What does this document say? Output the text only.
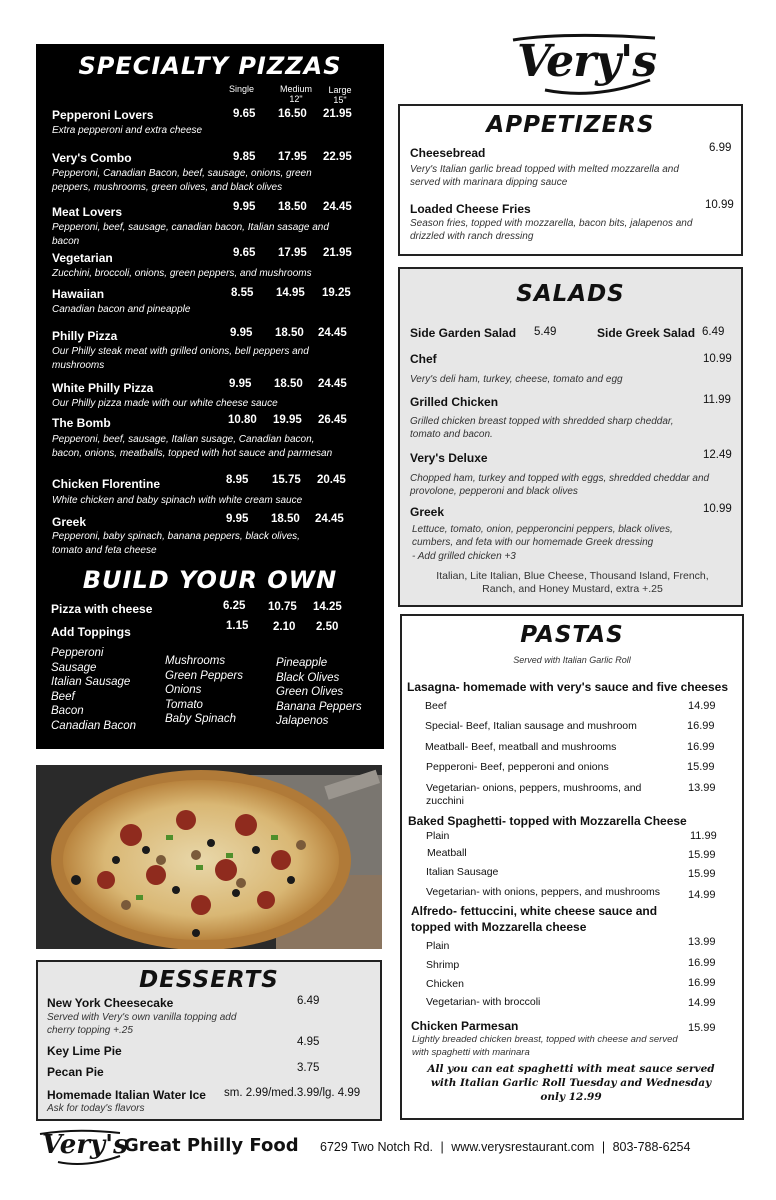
SPECIALTY PIZZAS
Single	Medium
12"
Large
15"
Pepperoni Lovers	9.65 16.50 21.95
Extra pepperoni and extra cheese
Very's Combo	9.85 17.95 22.95
Pepperoni, Canadian Bacon, beef, sausage, onions, green peppers, mushrooms, green olives, and black olives
Meat Lovers	9.95 18.50 24.45
Pepperoni, beef, sausage, canadian bacon, Italian sasage and bacon
Vegetarian	9.65 17.95 21.95
Zucchini, broccoli, onions, green peppers, and mushrooms
Hawaiian	8.55 14.95 19.25
Canadian bacon and pineapple
Philly Pizza	9.95 18.50 24.45
Our Philly steak meat with grilled onions, bell peppers and mushrooms
White Philly Pizza	9.95 18.50 24.45
Our Philly pizza made with our white cheese sauce
The Bomb	10.80 19.95 26.45
Pepperoni, beef, sausage, Italian susage, Canadian bacon, bacon, onions, meatballs, topped with hot sauce and parmesan
Chicken Florentine	8.95 15.75 20.45
White chicken and baby spinach with white cream sauce
Greek	9.95 18.50 24.45
Pepperoni, baby spinach, banana peppers, black olives, tomato and feta cheese
BUILD YOUR OWN
Pizza with cheese	6.25 10.75 14.25
Add Toppings	1.15 2.10 2.50
Pepperoni
Sausage
Italian Sausage
Beef
Bacon
Canadian Bacon
Mushrooms
Green Peppers
Onions
Tomato
Baby Spinach
Pineapple
Black Olives
Green Olives
Banana Peppers
Jalapenos
DESSERTS
New York Cheesecake	6.49
Served with Very's own vanilla topping add cherry topping +.25
Key Lime Pie
4.95
Pecan Pie	3.75
Homemade Italian Water Ice sm. 2.99/med.3.99/lg. 4.99
Ask for today's flavors
Very's
APPETIZERS
Cheesebread	6.99
Very's Italian garlic bread topped with melted mozzarella and served with marinara dipping sauce
Loaded Cheese Fries	10.99
Season fries, topped with mozzarella, bacon bits, jalapenos and drizzled with ranch dressing
SALADS
Side Garden Salad 5.49	Side Greek Salad 6.49
Chef	10.99
Very's deli ham, turkey, cheese, tomato and egg
Grilled Chicken	11.99
Grilled chicken breast topped with shredded sharp cheddar, tomato and bacon.
Very's Deluxe	12.49
Chopped ham, turkey and topped with eggs, shredded cheddar and provolone, pepperoni and black olives
Greek	10.99
Lettuce, tomato, onion, pepperoncini peppers, black olives, cumbers, and feta with our homemade Greek dressing
- Add grilled chicken +3
Italian, Lite Italian, Blue Cheese, Thousand Island, French, Ranch, and Honey Mustard, extra +.25
PASTAS
Served with Italian Garlic Roll
Lasagna- homemade with very's sauce and five cheeses
Beef	14.99
Special- Beef, Italian sausage and mushroom	16.99
Meatball- Beef, meatball and mushrooms	16.99
Pepperoni- Beef, pepperoni and onions	15.99
Vegetarian- onions, peppers, mushrooms, and zucchini
13.99
Baked Spaghetti- topped with Mozzarella Cheese
Plain	11.99
Meatball	15.99
Italian Sausage	15.99
Vegetarian- with onions, peppers, and mushrooms	14.99
Alfredo- fettuccini, white cheese sauce and topped with Mozzarella cheese
Plain	13.99
Shrimp	16.99
Chicken	16.99
Vegetarian- with broccoli	14.99
Chicken Parmesan	15.99
Lightly breaded chicken breast, topped with cheese and served with spaghetti with marinara
All you can eat spaghetti with meat sauce served with Italian Garlic Roll Tuesday and Wednesday only 12.99
Very's
Great Philly Food 6729 Two Notch Rd. | www.verysrestaurant.com | 803-788-6254
